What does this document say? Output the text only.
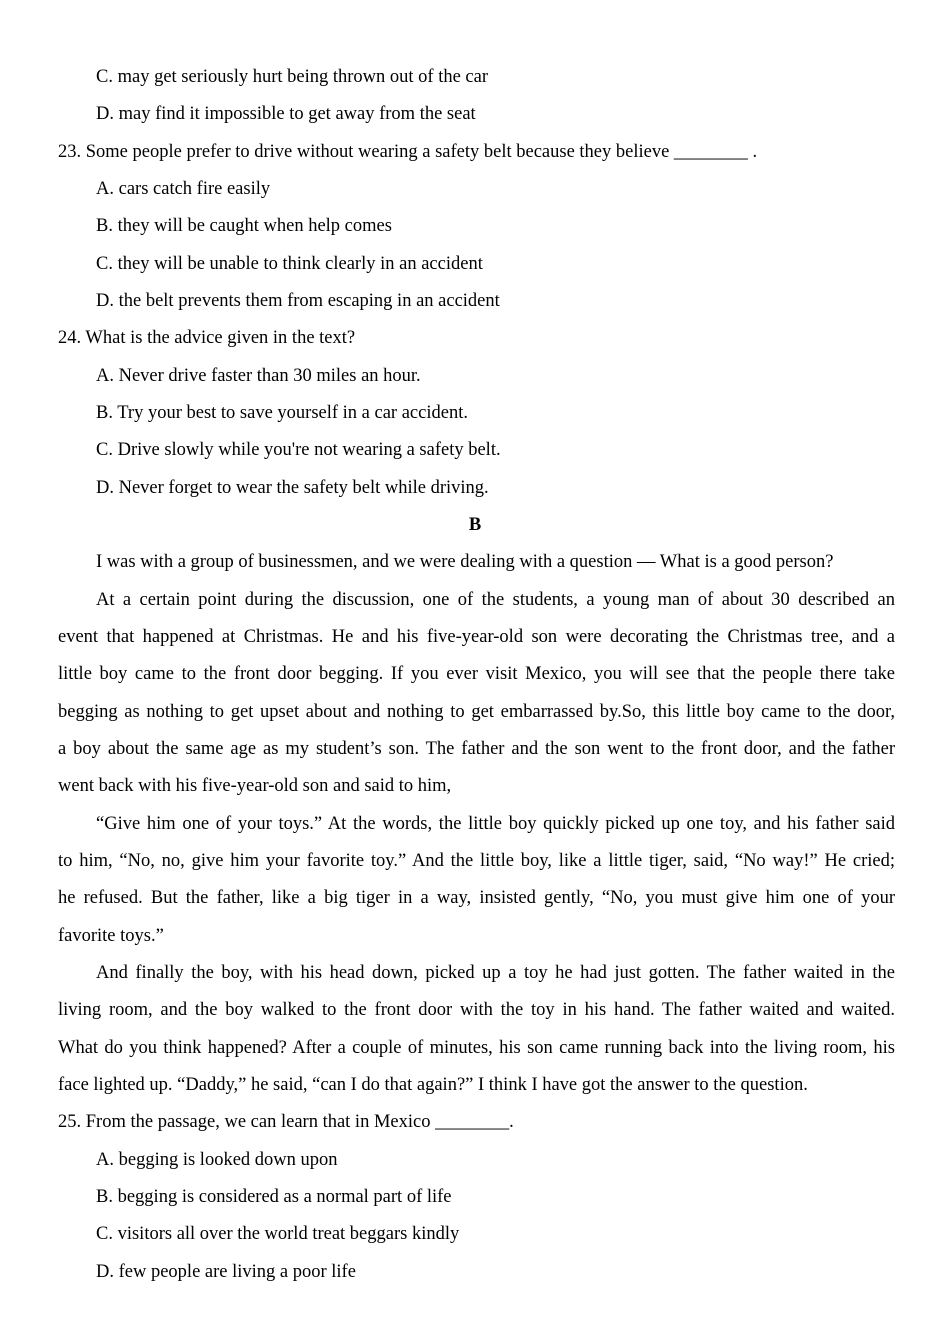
C. may get seriously hurt being thrown out of the car
D. may find it impossible to get away from the seat
23. Some people prefer to drive without wearing a safety belt because they believe ________ .
A. cars catch fire easily
B. they will be caught when help comes
C. they will be unable to think clearly in an accident
D. the belt prevents them from escaping in an accident
24. What is the advice given in the text?
A. Never drive faster than 30 miles an hour.
B. Try your best to save yourself in a car accident.
C. Drive slowly while you're not wearing a safety belt.
D. Never forget to wear the safety belt while driving.
B
I was with a group of businessmen, and we were dealing with a question — What is a good person?
At a certain point during the discussion, one of the students, a young man of about 30 described an
event that happened at Christmas. He and his five-year-old son were decorating the Christmas tree, and a
little boy came to the front door begging. If you ever visit Mexico, you will see that the people there take
begging as nothing to get upset about and nothing to get embarrassed by.So, this little boy came to the door,
a boy about the same age as my student’s son. The father and the son went to the front door, and the father
went back with his five-year-old son and said to him,
“Give him one of your toys.” At the words, the little boy quickly picked up one toy, and his father said
to him, “No, no, give him your favorite toy.” And the little boy, like a little tiger, said, “No way!” He cried;
he refused. But the father, like a big tiger in a way, insisted gently, “No, you must give him one of your
favorite toys.”
And finally the boy, with his head down, picked up a toy he had just gotten. The father waited in the
living room, and the boy walked to the front door with the toy in his hand. The father waited and waited.
What do you think happened? After a couple of minutes, his son came running back into the living room, his
face lighted up. “Daddy,” he said, “can I do that again?” I think I have got the answer to the question.
25. From the passage, we can learn that in Mexico ________.
A. begging is looked down upon
B. begging is considered as a normal part of life
C. visitors all over the world treat beggars kindly
D. few people are living a poor life
